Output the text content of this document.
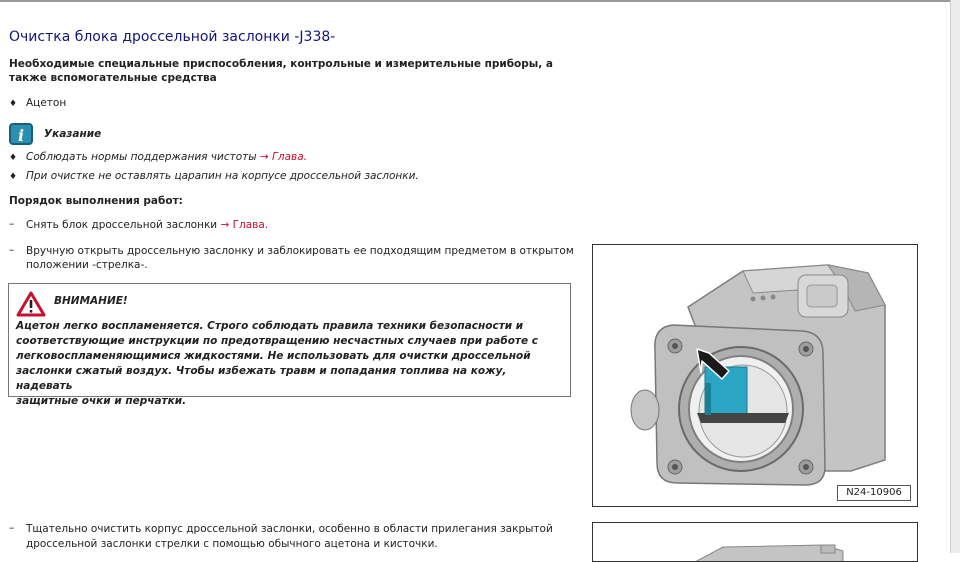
Очистка блока дроссельной заслонки -J338-
Необходимые специальные приспособления, контрольные и измерительные приборы, а
также вспомогательные средства
♦ Ацетон
i	Указание
♦ Соблюдать нормы поддержания чистоты → Глава.
♦ При очистке не оставлять царапин на корпусе дроссельной заслонки.
Порядок выполнения работ:
– Снять блок дроссельной заслонки → Глава.
– Вручную открыть дроссельную заслонку и заблокировать ее подходящим предметом в открытом
положении -стрелка-.
ВНИМАНИЕ!
Ацетон легко воспламеняется. Строго соблюдать правила техники безопасности и
соответствующие инструкции по предотвращению несчастных случаев при работе с
легковоспламеняющимися жидкостями. Не использовать для очистки дроссельной
заслонки сжатый воздух. Чтобы избежать травм и попадания топлива на кожу, надевать
защитные очки и перчатки.
N24-10906
– Тщательно очистить корпус дроссельной заслонки, особенно в области прилегания закрытой
дроссельной заслонки стрелки с помощью обычного ацетона и кисточки.
